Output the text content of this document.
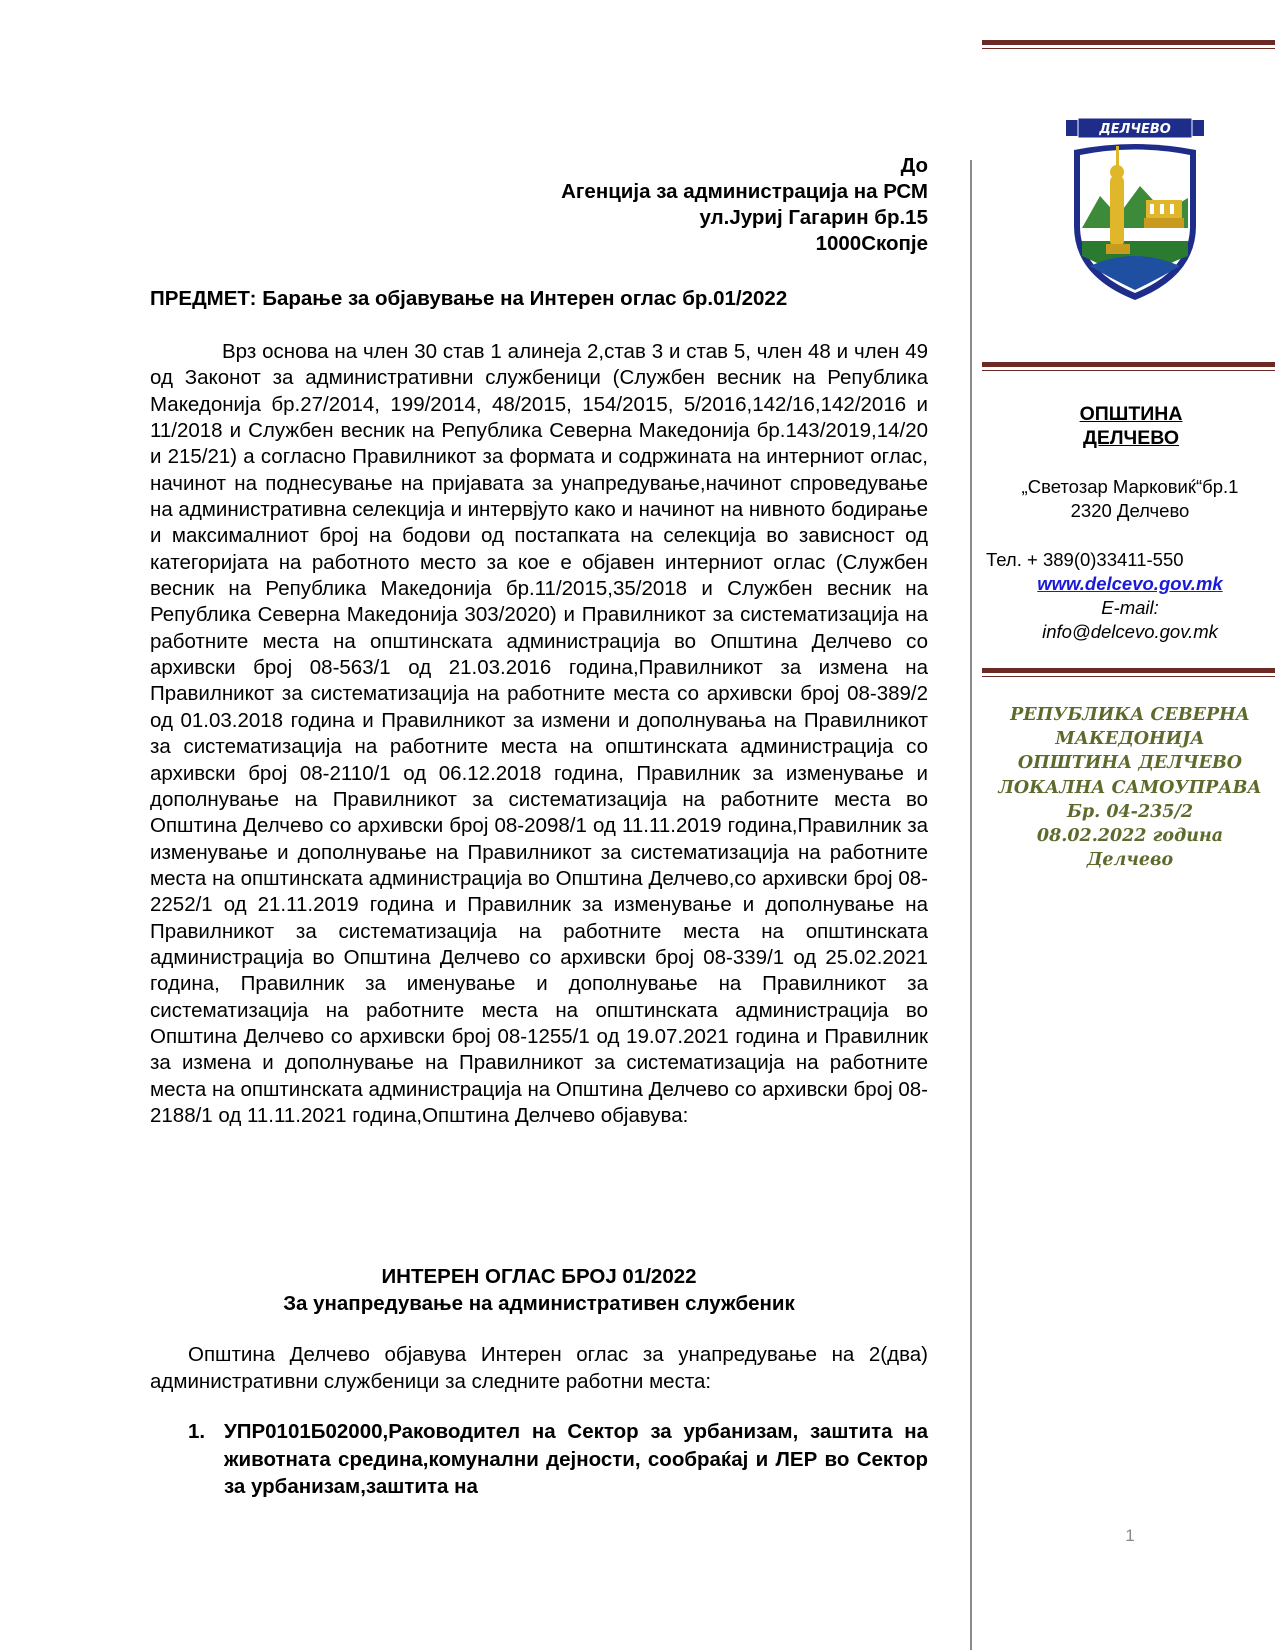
До
Агенција за администрација на РСМ
ул.Јуриј Гагарин бр.15
1000Скопје
ПРЕДМЕТ: Барање за објавување на Интерен оглас бр.01/2022
Врз основа на член 30 став 1 алинеја 2,став 3 и став 5, член 48 и член 49 од Законот за административни службеници (Службен весник на Република Македонија бр.27/2014, 199/2014, 48/2015, 154/2015, 5/2016,142/16,142/2016 и 11/2018 и Службен весник на Република Северна Македонија бр.143/2019,14/20 и 215/21) а согласно Правилникот за формата и содржината на интерниот оглас, начинот на поднесување на пријавата за унапредување,начинот спроведување на административна селекција и интервјуто како и начинот на нивното бодирање и максималниот број на бодови од постапката на селекција во зависност од категоријата на работното место за кое е објавен интерниот оглас (Службен весник на Република Македонија бр.11/2015,35/2018 и Службен весник на Република Северна Македонија 303/2020) и Правилникот за систематизација на работните места на општинската администрација во Општина Делчево со архивски број 08-563/1 од 21.03.2016 година,Правилникот за измена на Правилникот за систематизација на работните места со архивски број 08-389/2 од 01.03.2018 година и Правилникот за измени и дополнувања на Правилникот за систематизација на работните места на општинската администрација со архивски број 08-2110/1 од 06.12.2018 година, Правилник за изменување и дополнување на Правилникот за систематизација на работните места во Општина Делчево со архивски број 08-2098/1 од 11.11.2019 година,Правилник за изменување и дополнување на Правилникот за систематизација на работните места на општинската администрација во Општина Делчево,со архивски број 08-2252/1 од 21.11.2019 година и Правилник за изменување и дополнување на Правилникот за систематизација на работните места на општинската администрација во Општина Делчево со архивски број 08-339/1 од 25.02.2021 година, Правилник за именување и дополнување на Правилникот за систематизација на работните места на општинската администрација во Општина Делчево со архивски број 08-1255/1 од 19.07.2021 година и Правилник за измена и дополнување на Правилникот за систематизација на работните места на општинската администрација на Општина Делчево со архивски број 08-2188/1 од 11.11.2021 година,Општина Делчево објавува:
ИНТЕРЕН ОГЛАС БРОЈ 01/2022
За унапредување на административен службеник
Општина Делчево објавува Интерен оглас за унапредување на 2(два) административни службеници за следните работни места:
1. УПР0101Б02000,Раководител на Сектор за урбанизам, заштита на животната средина,комунални дејности, сообраќај и ЛЕР во Сектор за урбанизам,заштита на
ДЕЛЧЕВО
ОПШТИНА
ДЕЛЧЕВО
„Светозар Марковиќ“бр.1
2320 Делчево
Тел. + 389(0)33411-550
www.delcevo.gov.mk
E-mail:
info@delcevo.gov.mk
РЕПУБЛИКА СЕВЕРНА
МАКЕДОНИЈА
ОПШТИНА ДЕЛЧЕВО
ЛОКАЛНА САМОУПРАВА
Бр. 04-235/2
08.02.2022 година
Делчево
1
